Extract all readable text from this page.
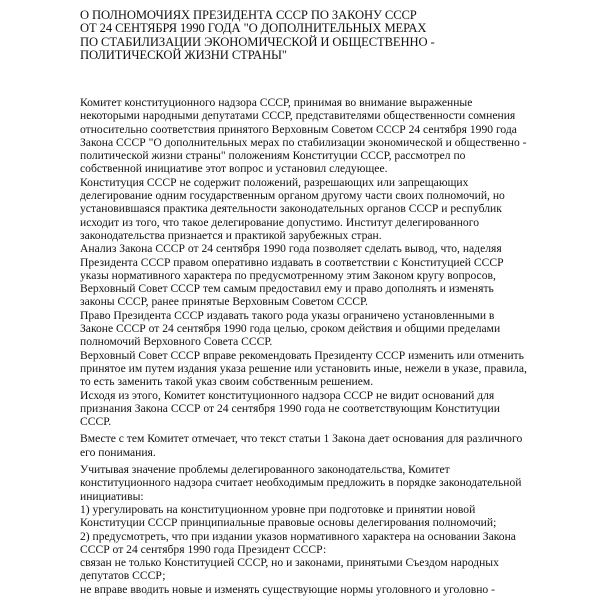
О ПОЛНОМОЧИЯХ ПРЕЗИДЕНТА СССР ПО ЗАКОНУ СССР
ОТ 24 СЕНТЯБРЯ 1990 ГОДА "О ДОПОЛНИТЕЛЬНЫХ МЕРАХ
ПО СТАБИЛИЗАЦИИ ЭКОНОМИЧЕСКОЙ И ОБЩЕСТВЕННО -
ПОЛИТИЧЕСКОЙ ЖИЗНИ СТРАНЫ"
Комитет конституционного надзора СССР, принимая во внимание выраженные
некоторыми народными депутатами СССР, представителями общественности сомнения
относительно соответствия принятого Верховным Советом СССР 24 сентября 1990 года
Закона СССР "О дополнительных мерах по стабилизации экономической и общественно -
политической жизни страны" положениям Конституции СССР, рассмотрел по
собственной инициативе этот вопрос и установил следующее.
Конституция СССР не содержит положений, разрешающих или запрещающих
делегирование одним государственным органом другому части своих полномочий, но
установившаяся практика деятельности законодательных органов СССР и республик
исходит из того, что такое делегирование допустимо. Институт делегированного
законодательства признается и практикой зарубежных стран.
Анализ Закона СССР от 24 сентября 1990 года позволяет сделать вывод, что, наделяя
Президента СССР правом оперативно издавать в соответствии с Конституцией СССР
указы нормативного характера по предусмотренному этим Законом кругу вопросов,
Верховный Совет СССР тем самым предоставил ему и право дополнять и изменять
законы СССР, ранее принятые Верховным Советом СССР.
Право Президента СССР издавать такого рода указы ограничено установленными в
Законе СССР от 24 сентября 1990 года целью, сроком действия и общими пределами
полномочий Верховного Совета СССР.
Верховный Совет СССР вправе рекомендовать Президенту СССР изменить или отменить
принятое им путем издания указа решение или установить иные, нежели в указе, правила,
то есть заменить такой указ своим собственным решением.
Исходя из этого, Комитет конституционного надзора СССР не видит оснований для
признания Закона СССР от 24 сентября 1990 года не соответствующим Конституции
СССР.
Вместе с тем Комитет отмечает, что текст статьи 1 Закона дает основания для различного
его понимания.
Учитывая значение проблемы делегированного законодательства, Комитет
конституционного надзора считает необходимым предложить в порядке законодательной
инициативы:
1) урегулировать на конституционном уровне при подготовке и принятии новой
Конституции СССР принципиальные правовые основы делегирования полномочий;
2) предусмотреть, что при издании указов нормативного характера на основании Закона
СССР от 24 сентября 1990 года Президент СССР:
связан не только Конституцией СССР, но и законами, принятыми Съездом народных
депутатов СССР;
не вправе вводить новые и изменять существующие нормы уголовного и уголовно -
